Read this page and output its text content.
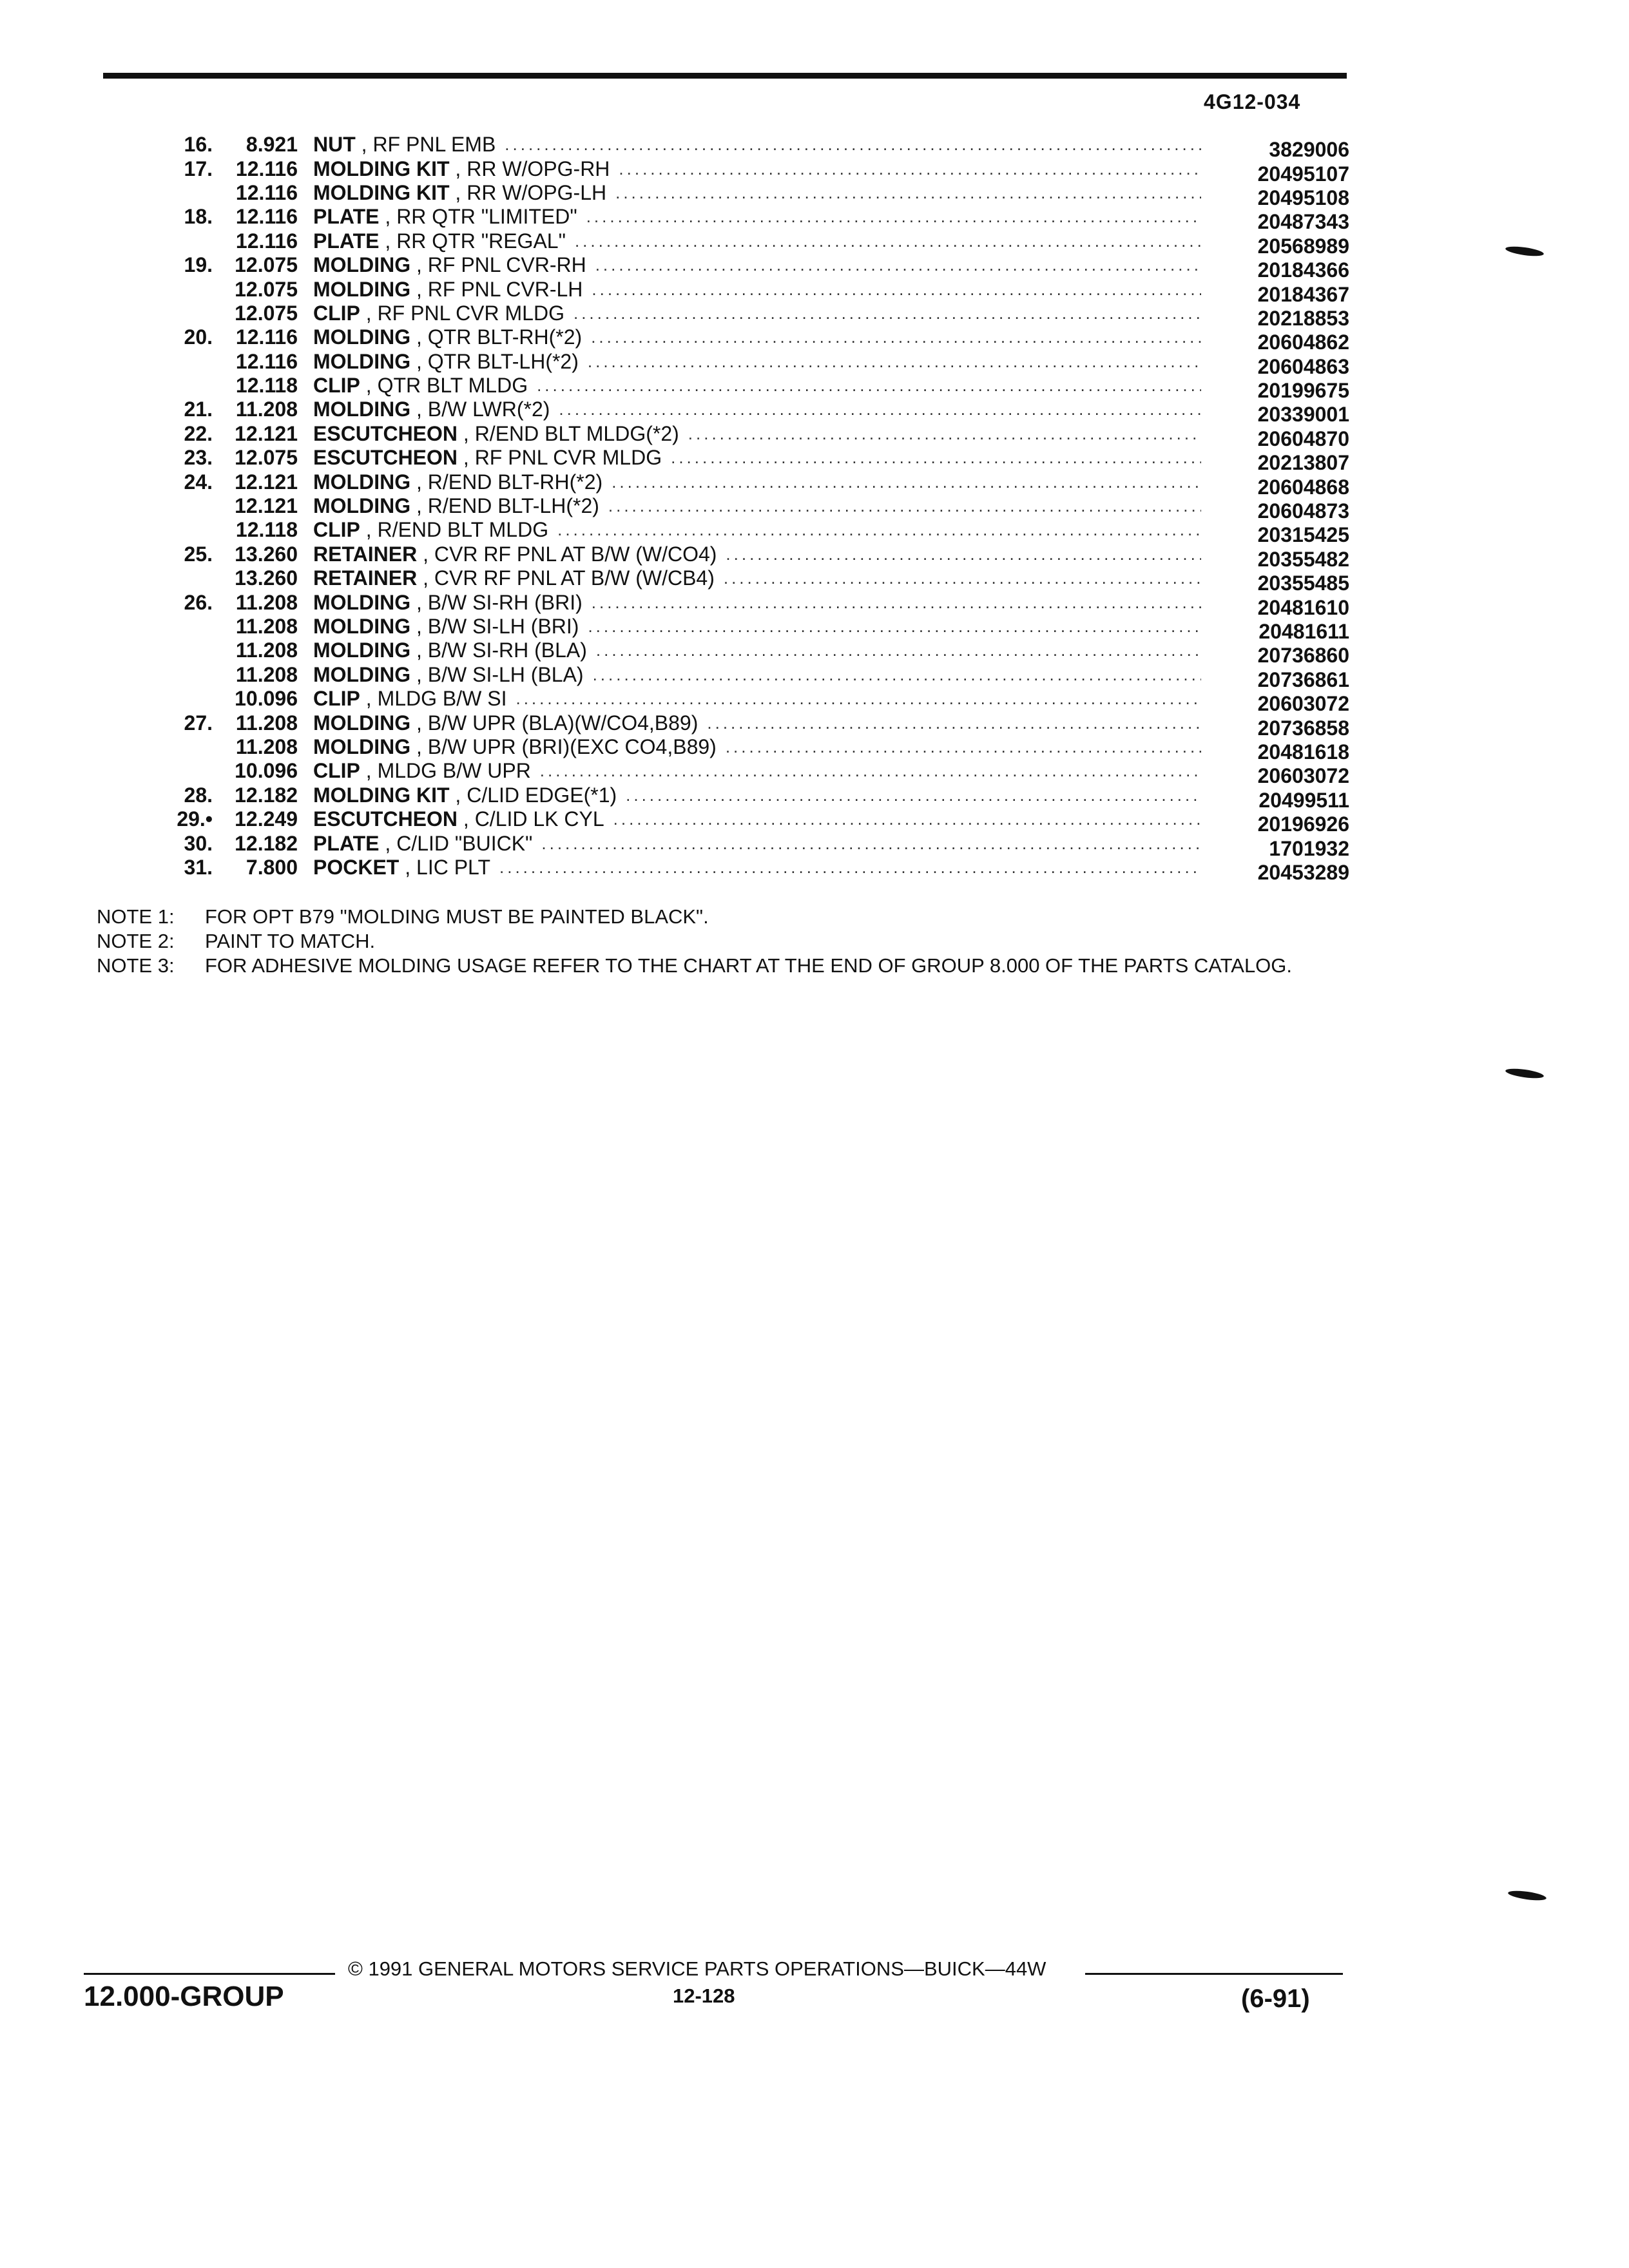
4G12-034
16.	8.921 NUT , RF PNL EMB .....	3829006
17.	12.116 MOLDING KIT , RR W/OPG-RH .....	20495107
12.116 MOLDING KIT , RR W/OPG-LH .....	20495108
18.	12.116 PLATE , RR QTR "LIMITED" .....	20487343
12.116 PLATE , RR QTR "REGAL" .....	20568989
19.	12.075 MOLDING , RF PNL CVR-RH .....	20184366
12.075 MOLDING , RF PNL CVR-LH .....	20184367
12.075 CLIP , RF PNL CVR MLDG .....	20218853
20.	12.116 MOLDING , QTR BLT-RH(*2) .....	20604862
12.116 MOLDING , QTR BLT-LH(*2) .....	20604863
12.118 CLIP , QTR BLT MLDG .....	20199675
21.	11.208 MOLDING , B/W LWR(*2) .....	20339001
22.	12.121 ESCUTCHEON , R/END BLT MLDG(*2) .....	20604870
23.	12.075 ESCUTCHEON , RF PNL CVR MLDG .....	20213807
24.	12.121 MOLDING , R/END BLT-RH(*2) .....	20604868
12.121 MOLDING , R/END BLT-LH(*2) .....	20604873
12.118 CLIP , R/END BLT MLDG .....	20315425
25.	13.260 RETAINER , CVR RF PNL AT B/W (W/CO4) .....	20355482
13.260 RETAINER , CVR RF PNL AT B/W (W/CB4) .....	20355485
26.	11.208 MOLDING , B/W SI-RH (BRI) .....	20481610
11.208 MOLDING , B/W SI-LH (BRI) .....	20481611
11.208 MOLDING , B/W SI-RH (BLA) .....	20736860
11.208 MOLDING , B/W SI-LH (BLA) .....	20736861
10.096 CLIP , MLDG B/W SI .....	20603072
27.	11.208 MOLDING , B/W UPR (BLA)(W/CO4,B89) .....	20736858
11.208 MOLDING , B/W UPR (BRI)(EXC CO4,B89) .....	20481618
10.096 CLIP , MLDG B/W UPR .....	20603072
28.	12.182 MOLDING KIT , C/LID EDGE(*1) .....	20499511
29.•	12.249 ESCUTCHEON , C/LID LK CYL .....	20196926
30.	12.182 PLATE , C/LID "BUICK" .....	1701932
31.	7.800 POCKET , LIC PLT .....	20453289
NOTE 1:	FOR OPT B79 "MOLDING MUST BE PAINTED BLACK".
NOTE 2:	PAINT TO MATCH.
NOTE 3:	FOR ADHESIVE MOLDING USAGE REFER TO THE CHART AT THE END OF GROUP 8.000 OF THE PARTS CATALOG.
© 1991 GENERAL MOTORS SERVICE PARTS OPERATIONS—BUICK—44W
12.000-GROUP	12-128	(6-91)
